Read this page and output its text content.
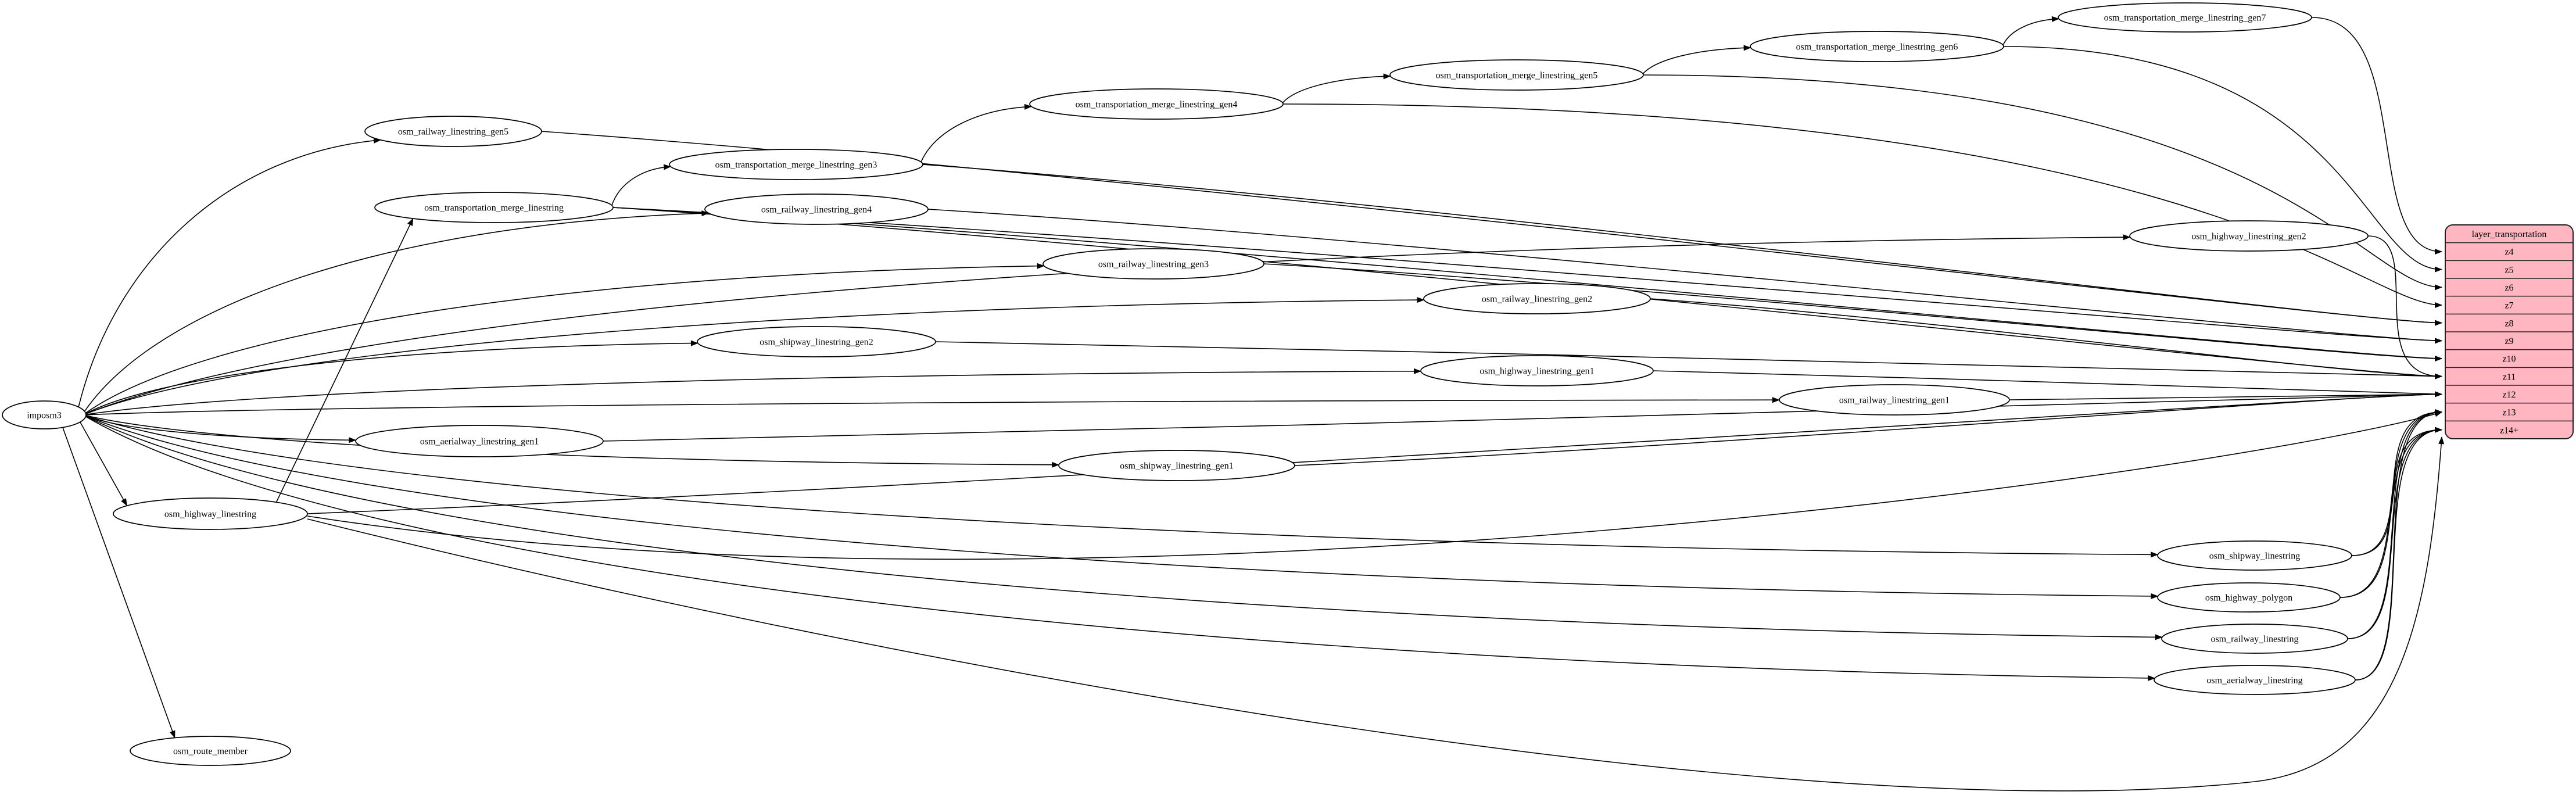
imposm3
osm_railway_linestring_gen5
osm_transportation_merge_linestring
osm_transportation_merge_linestring_gen3
osm_railway_linestring_gen4
osm_transportation_merge_linestring_gen4
osm_transportation_merge_linestring_gen5
osm_transportation_merge_linestring_gen6
osm_transportation_merge_linestring_gen7
osm_highway_linestring_gen2
osm_railway_linestring_gen3
osm_railway_linestring_gen2
osm_shipway_linestring_gen2
osm_highway_linestring_gen1
osm_railway_linestring_gen1
osm_aerialway_linestring_gen1
osm_shipway_linestring_gen1
osm_highway_linestring
osm_shipway_linestring
osm_highway_polygon
osm_railway_linestring
osm_aerialway_linestring
osm_route_member
layer_transportation
z4
z5
z6
z7
z8
z9
z10
z11
z12
z13
z14+
